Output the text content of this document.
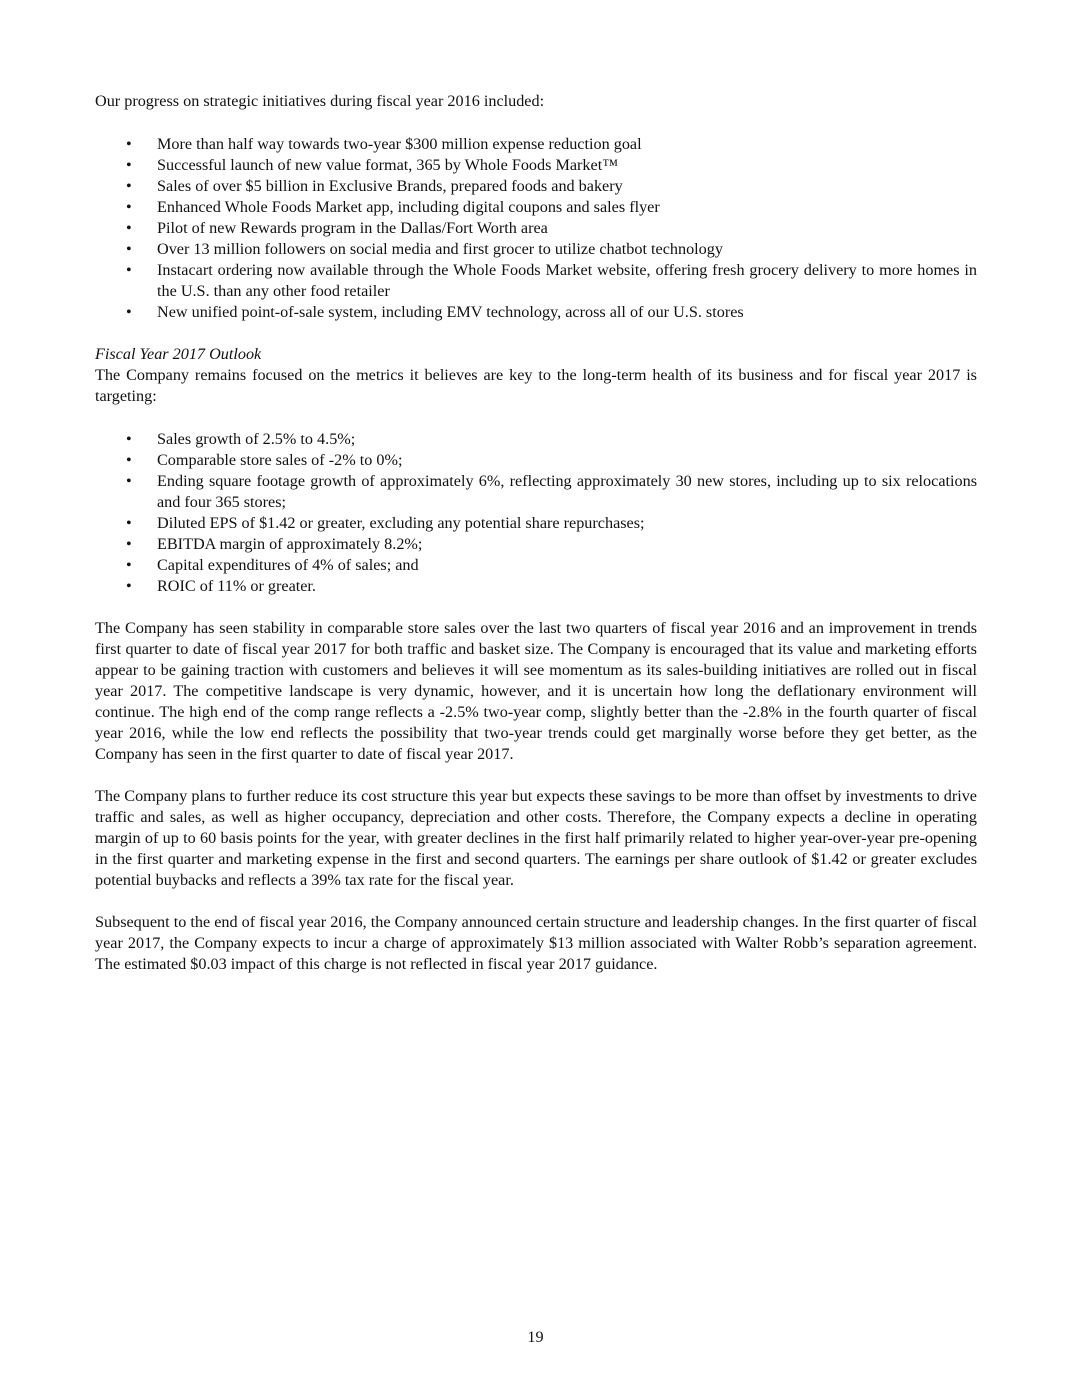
Our progress on strategic initiatives during fiscal year 2016 included:

• More than half way towards two-year $300 million expense reduction goal
• Successful launch of new value format, 365 by Whole Foods Market™
• Sales of over $5 billion in Exclusive Brands, prepared foods and bakery
• Enhanced Whole Foods Market app, including digital coupons and sales flyer
• Pilot of new Rewards program in the Dallas/Fort Worth area
• Over 13 million followers on social media and first grocer to utilize chatbot technology
• Instacart ordering now available through the Whole Foods Market website, offering fresh grocery delivery to more homes in the U.S. than any other food retailer
• New unified point-of-sale system, including EMV technology, across all of our U.S. stores

Fiscal Year 2017 Outlook

The Company remains focused on the metrics it believes are key to the long-term health of its business and for fiscal year 2017 is targeting:

• Sales growth of 2.5% to 4.5%;
• Comparable store sales of -2% to 0%;
• Ending square footage growth of approximately 6%, reflecting approximately 30 new stores, including up to six relocations and four 365 stores;
• Diluted EPS of $1.42 or greater, excluding any potential share repurchases;
• EBITDA margin of approximately 8.2%;
• Capital expenditures of 4% of sales; and
• ROIC of 11% or greater.

The Company has seen stability in comparable store sales over the last two quarters of fiscal year 2016 and an improvement in trends first quarter to date of fiscal year 2017 for both traffic and basket size. The Company is encouraged that its value and marketing efforts appear to be gaining traction with customers and believes it will see momentum as its sales-building initiatives are rolled out in fiscal year 2017. The competitive landscape is very dynamic, however, and it is uncertain how long the deflationary environment will continue. The high end of the comp range reflects a -2.5% two-year comp, slightly better than the -2.8% in the fourth quarter of fiscal year 2016, while the low end reflects the possibility that two-year trends could get marginally worse before they get better, as the Company has seen in the first quarter to date of fiscal year 2017.

The Company plans to further reduce its cost structure this year but expects these savings to be more than offset by investments to drive traffic and sales, as well as higher occupancy, depreciation and other costs. Therefore, the Company expects a decline in operating margin of up to 60 basis points for the year, with greater declines in the first half primarily related to higher year-over-year pre-opening in the first quarter and marketing expense in the first and second quarters. The earnings per share outlook of $1.42 or greater excludes potential buybacks and reflects a 39% tax rate for the fiscal year.

Subsequent to the end of fiscal year 2016, the Company announced certain structure and leadership changes. In the first quarter of fiscal year 2017, the Company expects to incur a charge of approximately $13 million associated with Walter Robb’s separation agreement. The estimated $0.03 impact of this charge is not reflected in fiscal year 2017 guidance.

19
